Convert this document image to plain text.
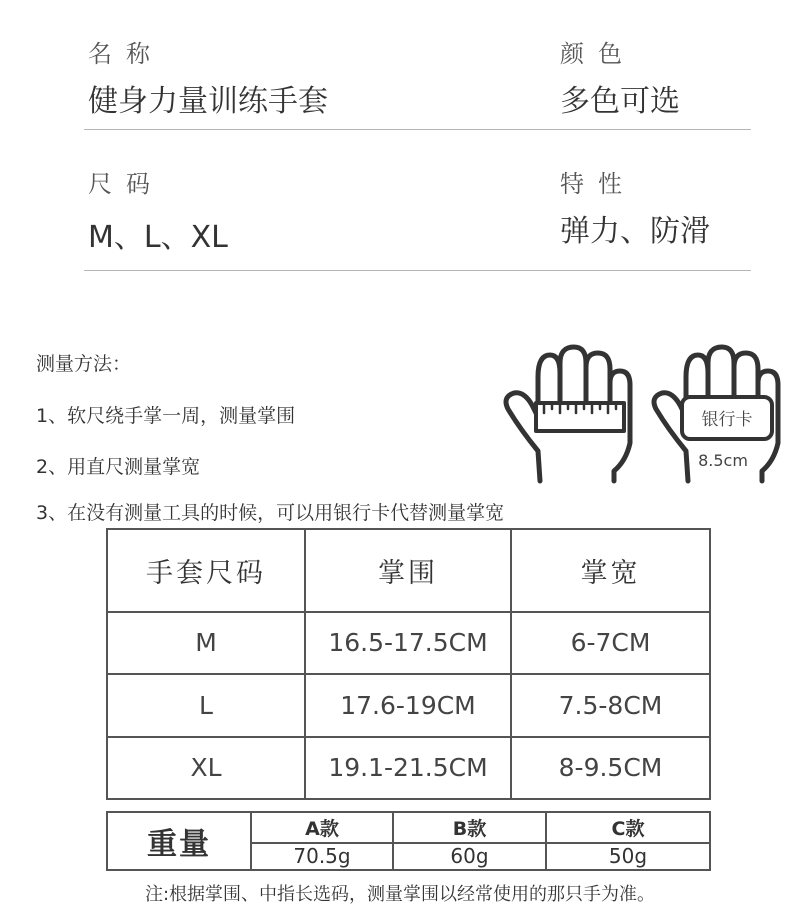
名称
健身力量训练手套
颜色
多色可选
尺码
M、L、XL
特性
弹力、防滑
测量方法：
1、软尺绕手掌一周，测量掌围
2、用直尺测量掌宽
3、在没有测量工具的时候，可以用银行卡代替测量掌宽
银行卡
8.5cm
手套尺码	掌围	掌宽
M	16.5-17.5CM	6-7CM
L	17.6-19CM	7.5-8CM
XL	19.1-21.5CM	8-9.5CM
重量	A款	B款	C款
	70.5g	60g	50g
注:根据掌围、中指长选码，测量掌围以经常使用的那只手为准。
